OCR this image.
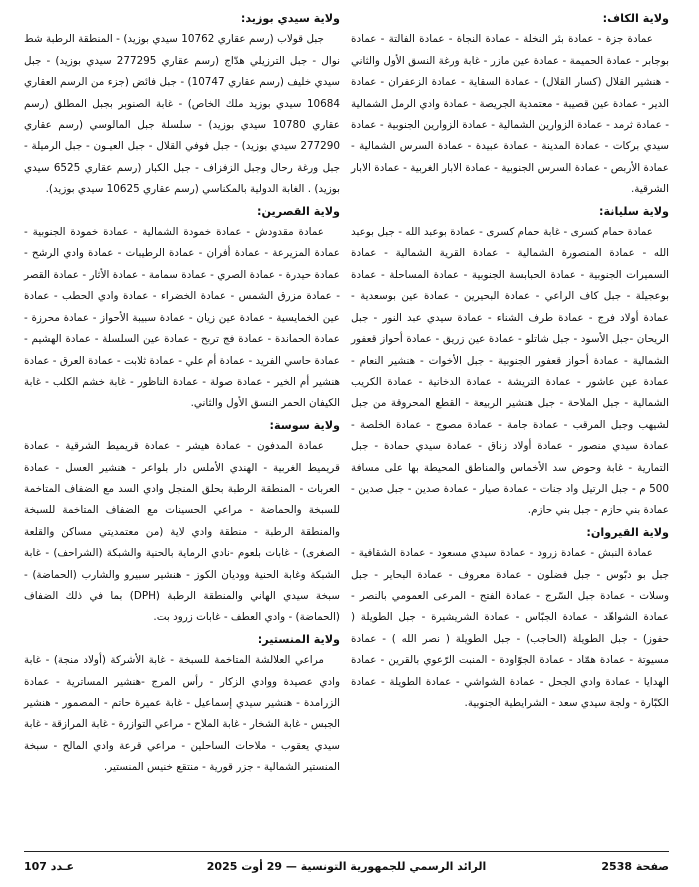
ولاية الكاف:

عمادة جزة - عمادة بئر النخلة - عمادة النجاة - عمادة الفالتة - عمادة بوجابر - عمادة الحميمة - عمادة عين مازر - غابة ورغة النسق الأول والثاني - هنشير القلال (كسار القلال) - عمادة السقاية - عمادة الزعفران - عمادة الدير - عمادة عين قصيبة - معتمدية الجريصة - عمادة وادي الرمل الشمالية - عمادة ثرمد - عمادة الزوارين الشمالية - عمادة الزوارين الجنوبية - عمادة سيدي بركات - عمادة المدينة - عمادة عبيدة - عمادة السرس الشمالية - عمادة الأربص - عمادة السرس الجنوبية - عمادة الابار الغربية - عمادة الابار الشرقية.

ولاية سليانة:

عمادة حمام كسرى - غابة حمام كسرى - عمادة بوعبد الله - جبل بوعبد الله - عمادة المنصورة الشمالية - عمادة القرية الشمالية - عمادة السميرات الجنوبية - عمادة الحبابسة الجنوبية - عمادة المساحلة - عمادة بوعجيلة - جبل كاف الراعي - عمادة البحيرين - عمادة عين بوسعدية - عمادة أولاد فرج - عمادة طرف الشناء - عمادة سيدي عبد النور - جبل الريحان -جبل الأسود - جبل شاتلو - عمادة عين زريق - عمادة أحواز قعفور الشمالية - عمادة أحواز قعفور الجنوبية - جبل الأخوات - هنشير النعام - عمادة عين عاشور - عمادة التريشة - عمادة الدخانية - عمادة الكريب الشمالية - جبل الملاحة - جبل هنشير الربيعة - القطع المحروقة من جبل لشيهب وجبل المرقب - عمادة جامة - عمادة مصوج - عمادة الخلصة - عمادة سيدي منصور - عمادة أولاد زناق - عمادة سيدي حمادة - جبل التمارية - غابة وحوض سد الأخماس والمناطق المحيطة بها على مسافة 500 م - جبل الرتيل واد جنات - عمادة صيار - عمادة صدين - جبل صدين - عمادة بني حازم - جبل بني حازم.

ولاية القيروان:

عمادة النبش - عمادة زرود - عمادة سيدي مسعود - عمادة الشقافية - جبل بو دبّوس - جبل فضلون - عمادة معروف - عمادة البحاير - جبل وسلات - عمادة جبل السّرج - عمادة الفتح - المرعى العمومي بالنصر - عمادة الشواهّد - عمادة الجبّاس - عمادة الشريشيرة - جبل الطويلة ( حفوز) - جبل الطويلة (الحاجب) - جبل الطويلة ( نصر الله ) - عمادة مسيوتة - عمادة همّاد - عمادة الجوّاودة - المنبت الرّعوي بالقرين - عمادة الهدايا - عمادة وادي الجحل - عمادة الشواشي - عمادة الطويلة - عمادة الكبّارة - ولجة سيدي سعد - الشرايطية الجنوبية.

ولاية سيدي بوزيد:

جبل قولاب (رسم عقاري 10762 سيدي بوزيد) - المنطقة الرطبة شط نوال - جبل الترزيلي هدّاج (رسم عقاري 277295 سيدي بوزيد) - جبل سيدي خليف (رسم عقاري 10747) - جبل فائض (جزء من الرسم العقاري 10684 سيدي بوزيد ملك الخاص) - غابة الصنوبر بجبل المطلق (رسم عقاري 10780 سيدي بوزيد) - سلسلة جبل المالوسي (رسم عقاري 277290 سيدي بوزيد) - جبل فوفي القلال - جبل العيـون - جبل الرميلة - جبل ورغة رحال وجبل الزفزاف - جبل الكبار (رسم عقاري 6525 سيدي بوزيد) . الغابة الدولية بالمكناسي (رسم عقاري 10625 سيدي بوزيد).

ولاية القصرين:

عمادة مقدودش - عمادة خمودة الشمالية - عمادة خمودة الجنوبية - عمادة المزيرعة - عمادة أفران - عمادة الرطيبات - عمادة وادي الرشح - عمادة حيدرة - عمادة الصري - عمادة سمامة - عمادة الأثار - عمادة القصر - عمادة مزرق الشمس - عمادة الخضراء - عمادة وادي الحطب - عمادة عين الخمايسية - عمادة عين زيان - عمادة سبيبة الأحواز - عمادة محرزة - عمادة الحماندة - عمادة فج تربح - عمادة عين السلسلة - عمادة الهشيم - عمادة حاسي الفريد - عمادة أم علي - عمادة ثلابت - عمادة العرق - عمادة هنشير أم الخير - عمادة صولة - عمادة الناظور - غابة خشم الكلب - غابة الكيفان الحمر النسق الأول والثاني.

ولاية سوسة:

عمادة المدفون - عمادة هيشر - عمادة قريميط الشرقية - عمادة قريميط الغربية - الهندي الأملس دار بلواعر - هنشير العسل - عمادة العربات - المنطقة الرطبة بحلق المنجل وادي السد مع الضفاف المتاخمة للسبخة والحماضة - مراعي الحسينات مع الضفاف المتاخمة للسبخة والمنطقة الرطبة - منطقة وادي لاية (من معتمديتي مساكن والقلعة الصغرى) - غابات بلعوم -نادي الرماية بالحنية والشبكة (الشراحف) - غابة الشبكة وغابة الحنية ووديان الكوز - هنشير سبيرو والشارب (الحماضة) - سبخة سيدي الهاني والمنطقة الرطبة (DPH) بما في ذلك الضفاف (الحماضة) - وادي العطف - غابات زرود بت.

ولاية المنستير:

مراعي العلالشة المتاخمة للسبخة - غابة الأشركة (أولاد منجة) - غابة وادي عصيدة ووادي الزكار - رأس المرج -هنشير المساترية - عمادة الزرامدة - هنشير سيدي إسماعيل - غابة عميرة حاتم - المصمور - هنشير الجبس - غابة الشخار - غابة الملاح - مراعي التوازرة - غابة المرازقة - غابة سيدي يعقوب - ملاحات الساحلين - مراعي قرعة وادي المالح - سبخة المنستير الشمالية - جزر قورية - منتقع خنيس المنستير.

الرائد الرسمي للجمهورية التونسية — 29 أوت 2025	صفحة 2538
عـدد 107
